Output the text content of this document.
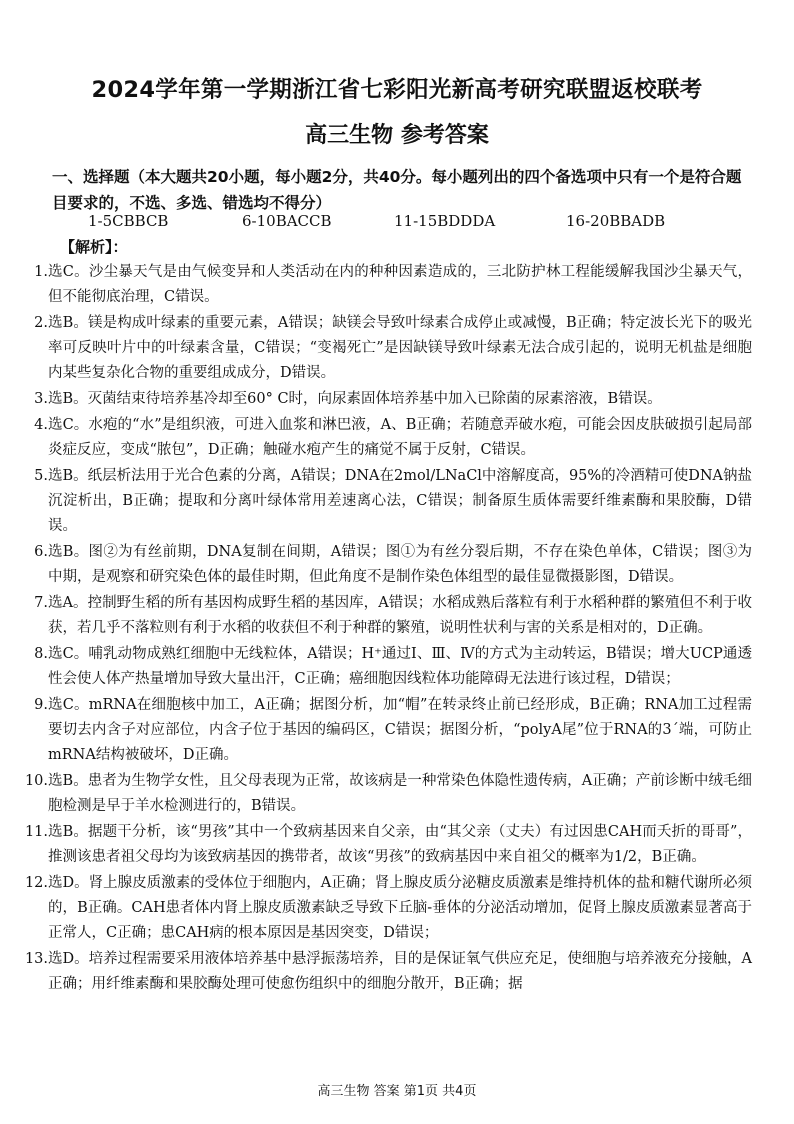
2024学年第一学期浙江省七彩阳光新高考研究联盟返校联考
高三生物 参考答案
一、选择题（本大题共20小题，每小题2分，共40分。每小题列出的四个备选项中只有一个是符合题目要求的，不选、多选、错选均不得分）
1-5CBBCB	6-10BACCB	11-15BDDDA	16-20BBADB
【解析】：
1. 选C。沙尘暴天气是由气候变异和人类活动在内的种种因素造成的，三北防护林工程能缓解我国沙尘暴天气，但不能彻底治理，C错误。
2. 选B。镁是构成叶绿素的重要元素，A错误；缺镁会导致叶绿素合成停止或减慢，B正确；特定波长光下的吸光率可反映叶片中的叶绿素含量，C错误；“变褐死亡”是因缺镁导致叶绿素无法合成引起的，说明无机盐是细胞内某些复杂化合物的重要组成成分，D错误。
3. 选B。灭菌结束待培养基冷却至60° C时，向尿素固体培养基中加入已除菌的尿素溶液，B错误。
4. 选C。水疱的“水”是组织液，可进入血浆和淋巴液，A、B正确；若随意弄破水疱，可能会因皮肤破损引起局部炎症反应，变成“脓包”，D正确；触碰水疱产生的痛觉不属于反射，C错误。
5. 选B。纸层析法用于光合色素的分离，A错误；DNA在2mol/LNaCl中溶解度高，95%的冷酒精可使DNA钠盐沉淀析出，B正确；提取和分离叶绿体常用差速离心法，C错误；制备原生质体需要纤维素酶和果胶酶，D错误。
6. 选B。图②为有丝前期，DNA复制在间期，A错误；图①为有丝分裂后期，不存在染色单体，C错误；图③为中期，是观察和研究染色体的最佳时期，但此角度不是制作染色体组型的最佳显微摄影图，D错误。
7. 选A。控制野生稻的所有基因构成野生稻的基因库，A错误；水稻成熟后落粒有利于水稻种群的繁殖但不利于收获，若几乎不落粒则有利于水稻的收获但不利于种群的繁殖，说明性状利与害的关系是相对的，D正确。
8. 选C。哺乳动物成熟红细胞中无线粒体，A错误；H⁺通过Ⅰ、Ⅲ、Ⅳ的方式为主动转运，B错误；增大UCP通透性会使人体产热量增加导致大量出汗，C正确；癌细胞因线粒体功能障碍无法进行该过程，D错误；
9. 选C。mRNA在细胞核中加工，A正确；据图分析，加“帽”在转录终止前已经形成，B正确；RNA加工过程需要切去内含子对应部位，内含子位于基因的编码区，C错误；据图分析，“polyA尾”位于RNA的3´端，可防止mRNA结构被破坏，D正确。
10. 选B。患者为生物学女性，且父母表现为正常，故该病是一种常染色体隐性遗传病，A正确；产前诊断中绒毛细胞检测是早于羊水检测进行的，B错误。
11. 选B。据题干分析，该“男孩”其中一个致病基因来自父亲，由“其父亲（丈夫）有过因患CAH而夭折的哥哥”，推测该患者祖父母均为该致病基因的携带者，故该“男孩”的致病基因中来自祖父的概率为1/2，B正确。
12. 选D。肾上腺皮质激素的受体位于细胞内，A正确；肾上腺皮质分泌糖皮质激素是维持机体的盐和糖代谢所必须的，B正确。CAH患者体内肾上腺皮质激素缺乏导致下丘脑-垂体的分泌活动增加，促肾上腺皮质激素显著高于正常人，C正确；患CAH病的根本原因是基因突变，D错误；
13. 选D。培养过程需要采用液体培养基中悬浮振荡培养，目的是保证氧气供应充足，使细胞与培养液充分接触，A正确；用纤维素酶和果胶酶处理可使愈伤组织中的细胞分散开，B正确；据
高三生物 答案 第1页 共4页
